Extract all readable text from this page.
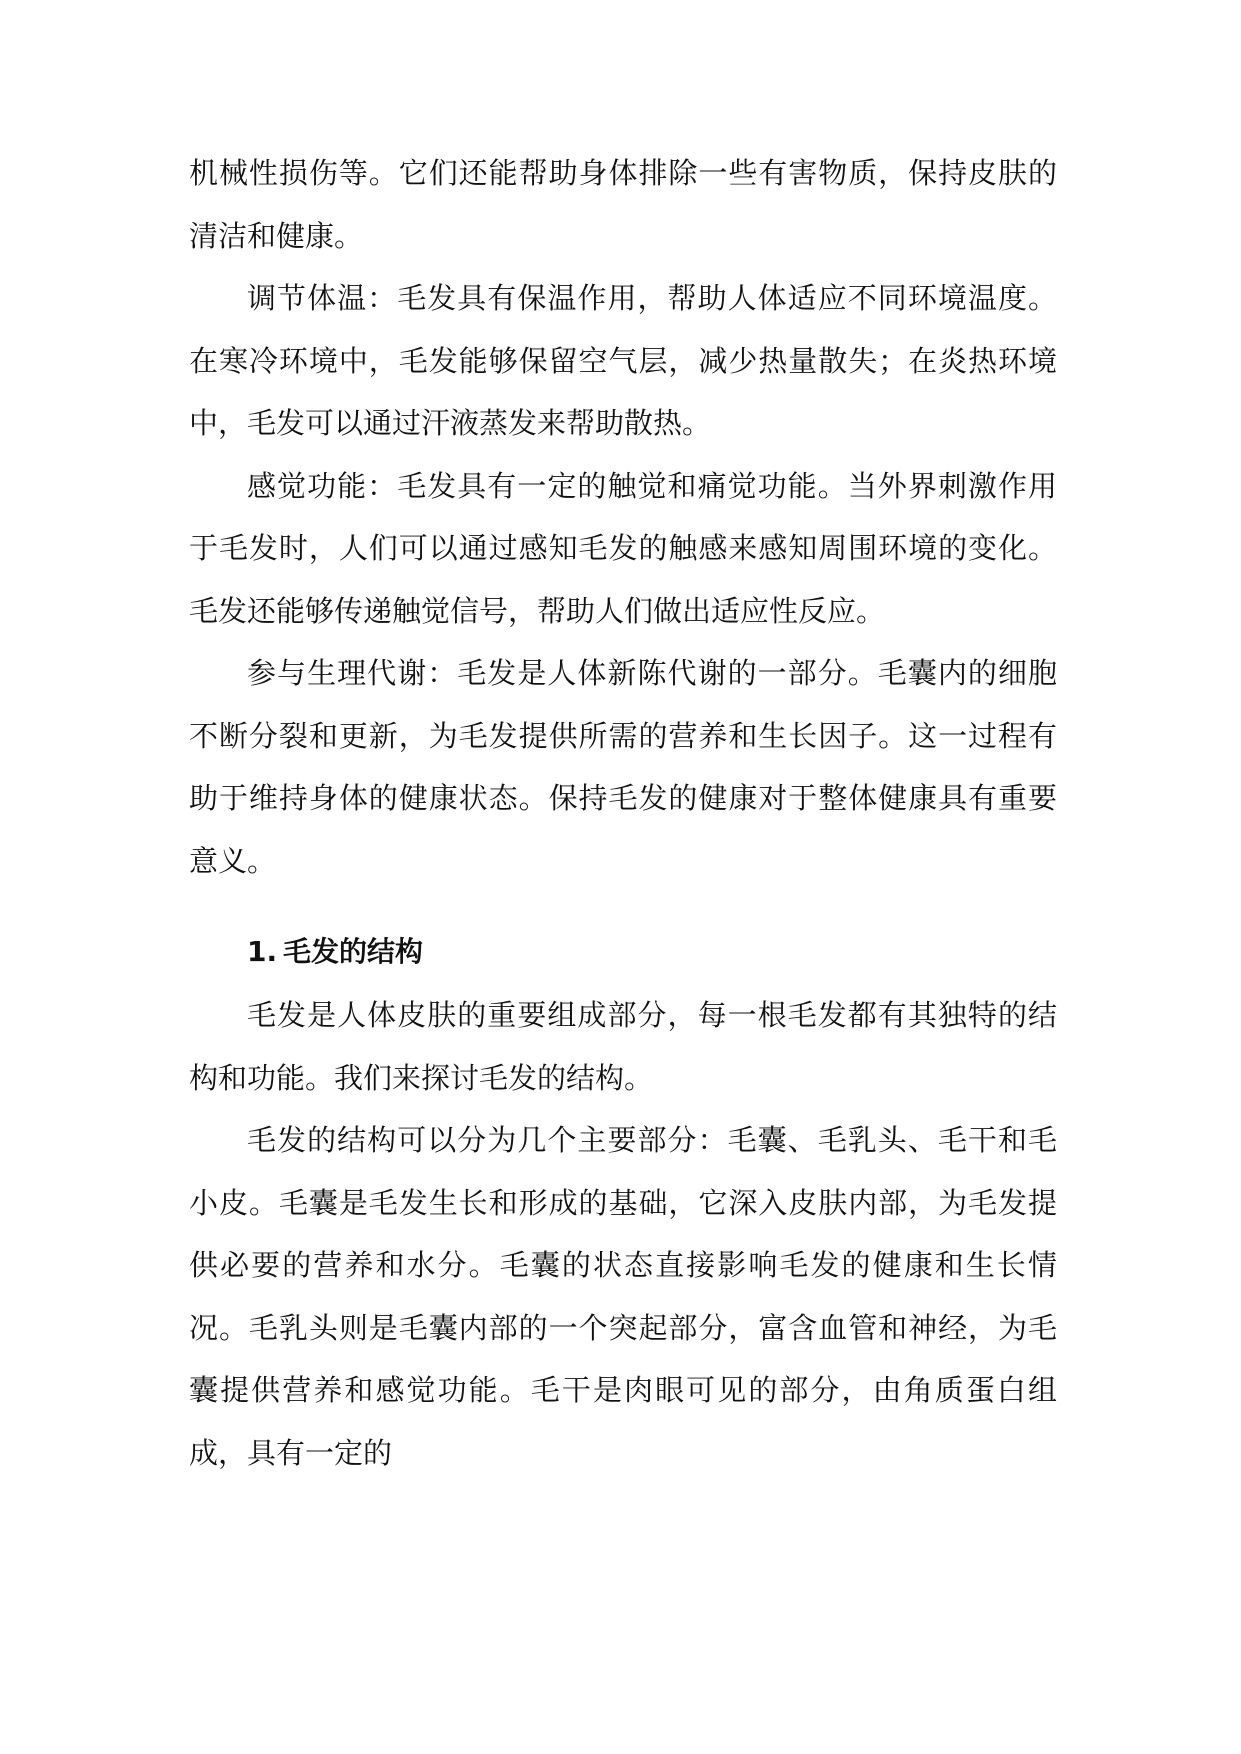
机械性损伤等。它们还能帮助身体排除一些有害物质，保持皮肤的清洁和健康。

调节体温：毛发具有保温作用，帮助人体适应不同环境温度。在寒冷环境中，毛发能够保留空气层，减少热量散失；在炎热环境中，毛发可以通过汗液蒸发来帮助散热。

感觉功能：毛发具有一定的触觉和痛觉功能。当外界刺激作用于毛发时，人们可以通过感知毛发的触感来感知周围环境的变化。毛发还能够传递触觉信号，帮助人们做出适应性反应。

参与生理代谢：毛发是人体新陈代谢的一部分。毛囊内的细胞不断分裂和更新，为毛发提供所需的营养和生长因子。这一过程有助于维持身体的健康状态。保持毛发的健康对于整体健康具有重要意义。

1. 毛发的结构

毛发是人体皮肤的重要组成部分，每一根毛发都有其独特的结构和功能。我们来探讨毛发的结构。

毛发的结构可以分为几个主要部分：毛囊、毛乳头、毛干和毛小皮。毛囊是毛发生长和形成的基础，它深入皮肤内部，为毛发提供必要的营养和水分。毛囊的状态直接影响毛发的健康和生长情况。毛乳头则是毛囊内部的一个突起部分，富含血管和神经，为毛囊提供营养和感觉功能。毛干是肉眼可见的部分，由角质蛋白组成，具有一定的
